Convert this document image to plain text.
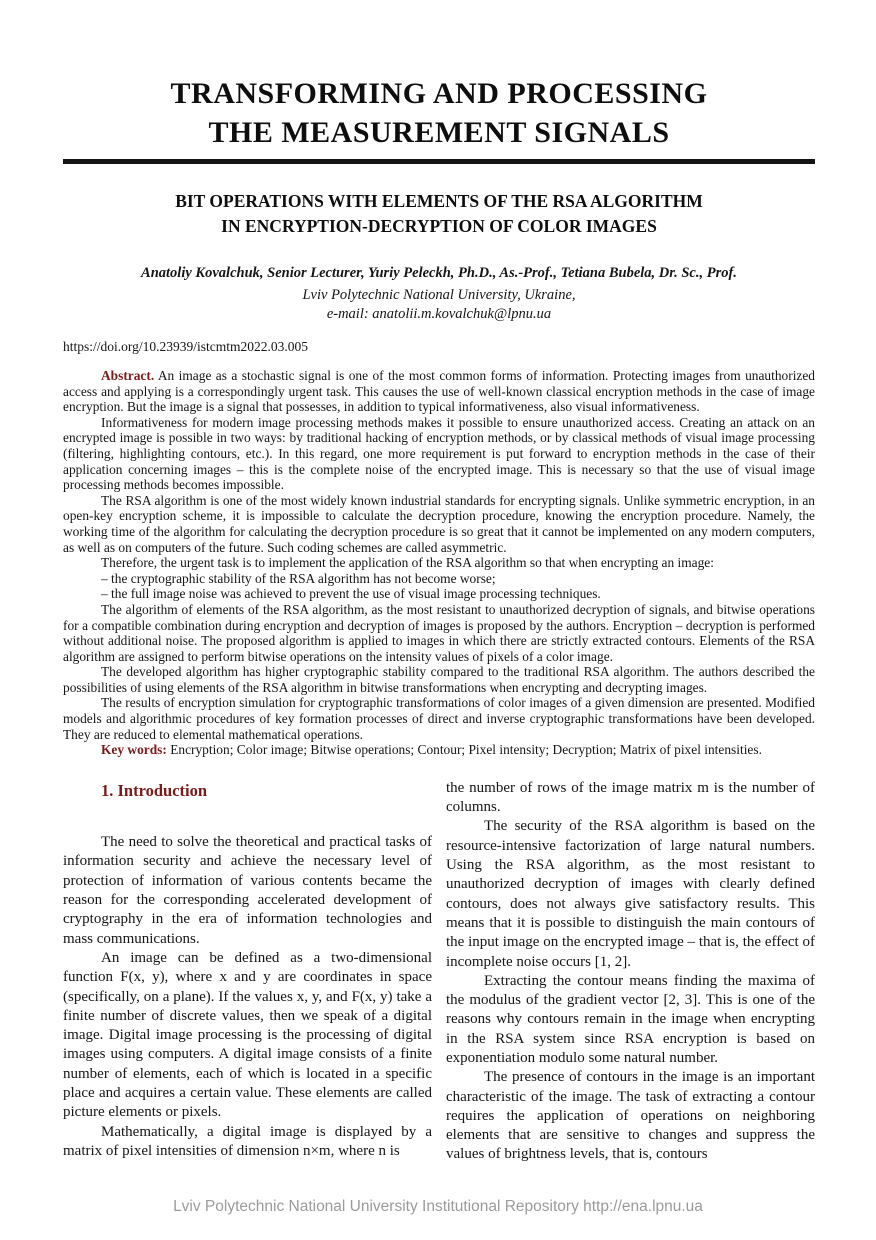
TRANSFORMING AND PROCESSING
THE MEASUREMENT SIGNALS
BIT OPERATIONS WITH ELEMENTS OF THE RSA ALGORITHM
IN ENCRYPTION-DECRYPTION OF COLOR IMAGES

Anatoliy Kovalchuk, Senior Lecturer, Yuriy Peleckh, Ph.D., As.-Prof., Tetiana Bubela, Dr. Sc., Prof.

Lviv Polytechnic National University, Ukraine,

e-mail: anatolii.m.kovalchuk@lpnu.ua

https://doi.org/10.23939/istcmtm2022.03.005

Abstract. An image as a stochastic signal is one of the most common forms of information. Protecting images from unauthorized access and applying is a correspondingly urgent task. This causes the use of well-known classical encryption methods in the case of image encryption. But the image is a signal that possesses, in addition to typical informativeness, also visual informativeness.

Informativeness for modern image processing methods makes it possible to ensure unauthorized access. Creating an attack on an encrypted image is possible in two ways: by traditional hacking of encryption methods, or by classical methods of visual image processing (filtering, highlighting contours, etc.). In this regard, one more requirement is put forward to encryption methods in the case of their application concerning images – this is the complete noise of the encrypted image. This is necessary so that the use of visual image processing methods becomes impossible.

The RSA algorithm is one of the most widely known industrial standards for encrypting signals. Unlike symmetric encryption, in an open-key encryption scheme, it is impossible to calculate the decryption procedure, knowing the encryption procedure. Namely, the working time of the algorithm for calculating the decryption procedure is so great that it cannot be implemented on any modern computers, as well as on computers of the future. Such coding schemes are called asymmetric.

Therefore, the urgent task is to implement the application of the RSA algorithm so that when encrypting an image:

– the cryptographic stability of the RSA algorithm has not become worse;

– the full image noise was achieved to prevent the use of visual image processing techniques.

The algorithm of elements of the RSA algorithm, as the most resistant to unauthorized decryption of signals, and bitwise operations for a compatible combination during encryption and decryption of images is proposed by the authors. Encryption – decryption is performed without additional noise. The proposed algorithm is applied to images in which there are strictly extracted contours. Elements of the RSA algorithm are assigned to perform bitwise operations on the intensity values of pixels of a color image.

The developed algorithm has higher cryptographic stability compared to the traditional RSA algorithm. The authors described the possibilities of using elements of the RSA algorithm in bitwise transformations when encrypting and decrypting images.

The results of encryption simulation for cryptographic transformations of color images of a given dimension are presented. Modified models and algorithmic procedures of key formation processes of direct and inverse cryptographic transformations have been developed. They are reduced to elemental mathematical operations.

Key words: Encryption; Color image; Bitwise operations; Contour; Pixel intensity; Decryption; Matrix of pixel intensities.

1. Introduction

The need to solve the theoretical and practical tasks of information security and achieve the necessary level of protection of information of various contents became the reason for the corresponding accelerated development of cryptography in the era of information technologies and mass communications.

An image can be defined as a two-dimensional function F(x, y), where x and y are coordinates in space (specifically, on a plane). If the values x, y, and F(x, y) take a finite number of discrete values, then we speak of a digital image. Digital image processing is the processing of digital images using computers. A digital image consists of a finite number of elements, each of which is located in a specific place and acquires a certain value. These elements are called picture elements or pixels.

Mathematically, a digital image is displayed by a matrix of pixel intensities of dimension n×m, where n is

the number of rows of the image matrix m is the number of columns.

The security of the RSA algorithm is based on the resource-intensive factorization of large natural numbers. Using the RSA algorithm, as the most resistant to unauthorized decryption of images with clearly defined contours, does not always give satisfactory results. This means that it is possible to distinguish the main contours of the input image on the encrypted image – that is, the effect of incomplete noise occurs [1, 2].

Extracting the contour means finding the maxima of the modulus of the gradient vector [2, 3]. This is one of the reasons why contours remain in the image when encrypting in the RSA system since RSA encryption is based on exponentiation modulo some natural number.

The presence of contours in the image is an important characteristic of the image. The task of extracting a contour requires the application of operations on neighboring elements that are sensitive to changes and suppress the values of brightness levels, that is, contours

Lviv Polytechnic National University Institutional Repository http://ena.lpnu.ua
